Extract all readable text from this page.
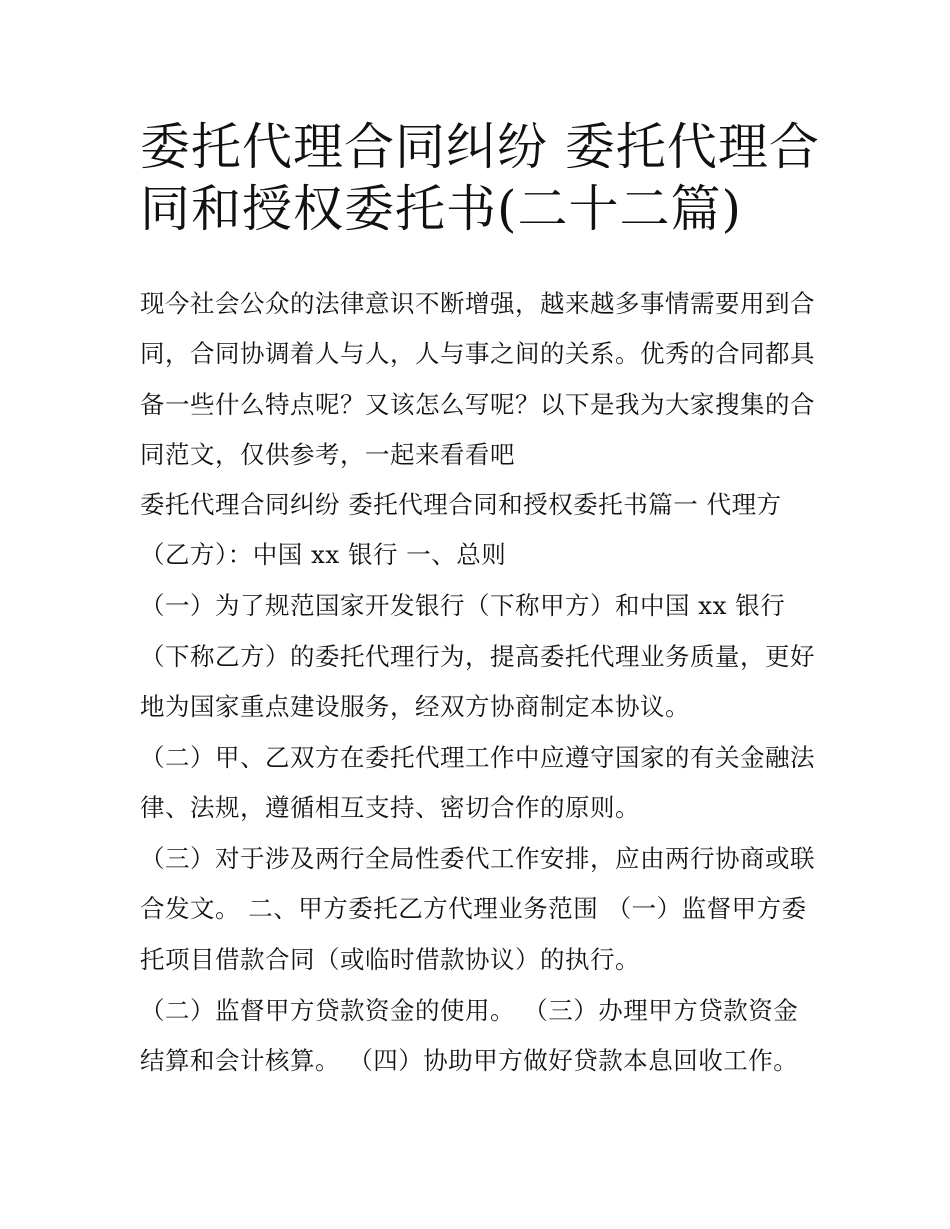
委托代理合同纠纷 委托代理合
同和授权委托书(二十二篇)

现今社会公众的法律意识不断增强，越来越多事情需要用到合

同，合同协调着人与人，人与事之间的关系。优秀的合同都具

备一些什么特点呢？又该怎么写呢？以下是我为大家搜集的合

同范文，仅供参考，一起来看看吧

委托代理合同纠纷 委托代理合同和授权委托书篇一 代理方

（乙方）：中国 xx 银行 一、总则

（一）为了规范国家开发银行（下称甲方）和中国 xx 银行

（下称乙方）的委托代理行为，提高委托代理业务质量，更好

地为国家重点建设服务，经双方协商制定本协议。

（二）甲、乙双方在委托代理工作中应遵守国家的有关金融法

律、法规，遵循相互支持、密切合作的原则。

（三）对于涉及两行全局性委代工作安排，应由两行协商或联

合发文。 二、甲方委托乙方代理业务范围 （一）监督甲方委

托项目借款合同（或临时借款协议）的执行。

（二）监督甲方贷款资金的使用。 （三）办理甲方贷款资金

结算和会计核算。 （四）协助甲方做好贷款本息回收工作。
